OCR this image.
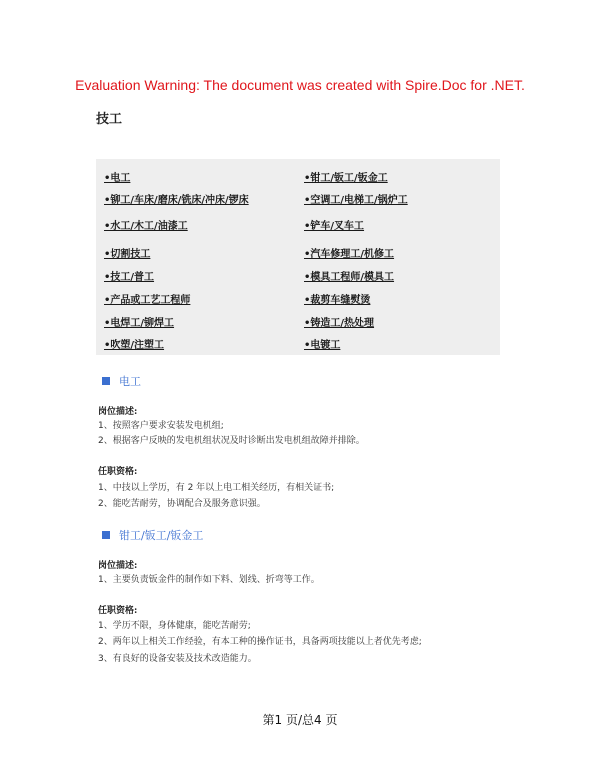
Evaluation Warning: The document was created with Spire.Doc for .NET.
技工
•电工
•铆工/车床/磨床/铣床/冲床/锣床
•水工/木工/油漆工
•切割技工
•技工/普工
•产品或工艺工程师
•电焊工/铆焊工
•吹塑/注塑工
•钳工/钣工/钣金工
•空调工/电梯工/锅炉工
•铲车/叉车工
•汽车修理工/机修工
•模具工程师/模具工
•裁剪车缝熨烫
•铸造工/热处理
•电镀工
电工
岗位描述:
1、按照客户要求安装发电机组;
2、根据客户反映的发电机组状况及时诊断出发电机组故障并排除。
任职资格:
1、中技以上学历，有 2 年以上电工相关经历，有相关证书;
2、能吃苦耐劳，协调配合及服务意识强。
钳工/钣工/钣金工
岗位描述:
1、主要负责钣金件的制作如下料、划线、折弯等工作。
任职资格:
1、学历不限，身体健康，能吃苦耐劳;
2、两年以上相关工作经验，有本工种的操作证书，具备两项技能以上者优先考虑;
3、有良好的设备安装及技术改造能力。
第1 页/总4 页
